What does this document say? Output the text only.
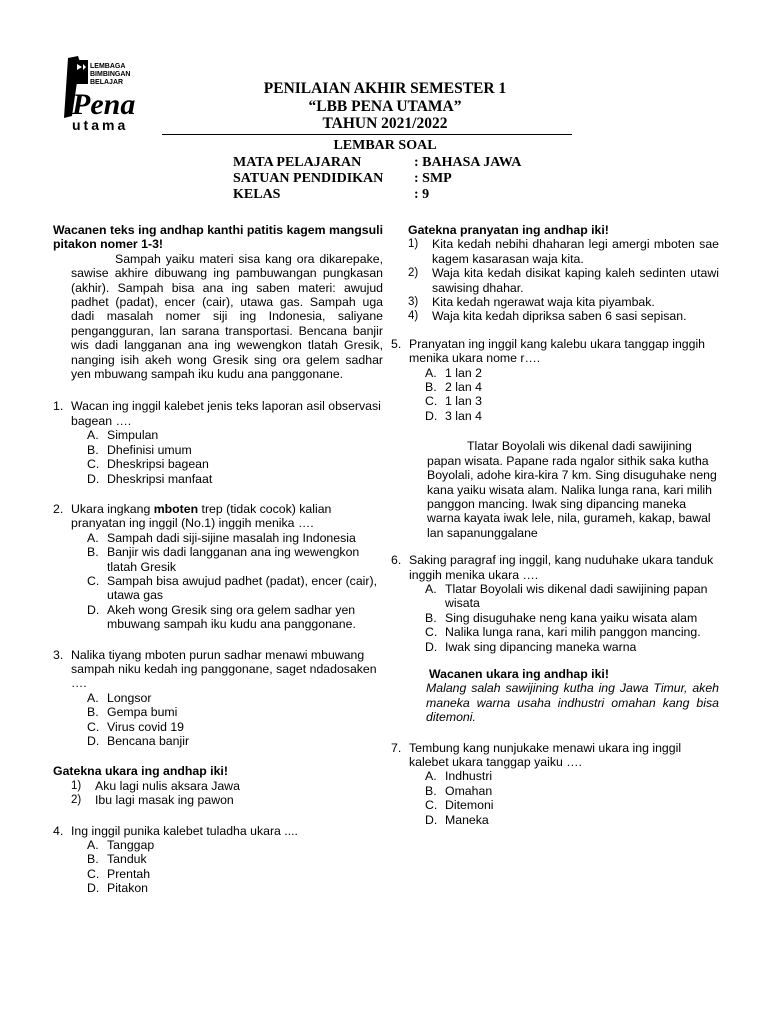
LEMBAGA
BIMBINGAN
BELAJAR
Pena
utama
PENILAIAN AKHIR SEMESTER 1
“LBB PENA UTAMA”
TAHUN 2021/2022
LEMBAR SOAL
MATA PELAJARAN	: BAHASA JAWA
SATUAN PENDIDIKAN : SMP
KELAS	: 9

Wacanen teks ing andhap kanthi patitis kagem mangsuli pitakon nomer 1-3!

Sampah yaiku materi sisa kang ora dikarepake, sawise akhire dibuwang ing pambuwangan pungkasan (akhir). Sampah bisa ana ing saben materi: awujud padhet (padat), encer (cair), utawa gas. Sampah uga dadi masalah nomer siji ing Indonesia, saliyane pengangguran, lan sarana transportasi. Bencana banjir wis dadi langganan ana ing wewengkon tlatah Gresik, nanging isih akeh wong Gresik sing ora gelem sadhar yen mbuwang sampah iku kudu ana panggonane.

1. Wacan ing inggil kalebet jenis teks laporan asil observasi bagean ….
A. Simpulan
B. Dhefinisi umum
C. Dheskripsi bagean
D. Dheskripsi manfaat
2. Ukara ingkang mboten trep (tidak cocok) kalian pranyatan ing inggil (No.1) inggih menika ….
A. Sampah dadi siji-sijine masalah ing Indonesia
B. Banjir wis dadi langganan ana ing wewengkon tlatah Gresik
C. Sampah bisa awujud padhet (padat), encer (cair), utawa gas
D. Akeh wong Gresik sing ora gelem sadhar yen mbuwang sampah iku kudu ana panggonane.
3. Nalika tiyang mboten purun sadhar menawi mbuwang sampah niku kedah ing panggonane, saget ndadosaken ….
A. Longsor
B. Gempa bumi
C. Virus covid 19
D. Bencana banjir

Gatekna ukara ing andhap iki!

1)	Aku lagi nulis aksara Jawa
2)	Ibu lagi masak ing pawon
4. Ing inggil punika kalebet tuladha ukara ....
A. Tanggap
B. Tanduk
C. Prentah
D. Pitakon

Gatekna pranyatan ing andhap iki!

1)	Kita kedah nebihi dhaharan legi amergi mboten sae kagem kasarasan waja kita.
2)	Waja kita kedah disikat kaping kaleh sedinten utawi sawising dhahar.
3)	Kita kedah ngerawat waja kita piyambak.
4)	Waja kita kedah dipriksa saben 6 sasi sepisan.
5. Pranyatan ing inggil kang kalebu ukara tanggap inggih menika ukara nome r….
A. 1 lan 2
B. 2 lan 4
C. 1 lan 3
D. 3 lan 4

Tlatar Boyolali wis dikenal dadi sawijining papan wisata. Papane rada ngalor sithik saka kutha Boyolali, adohe kira-kira 7 km. Sing disuguhake neng kana yaiku wisata alam. Nalika lunga rana, kari milih panggon mancing. Iwak sing dipancing maneka warna kayata iwak lele, nila, gurameh, kakap, bawal lan sapanunggalane

6. Saking paragraf ing inggil, kang nuduhake ukara tanduk inggih menika ukara ….
A. Tlatar Boyolali wis dikenal dadi sawijining papan wisata
B. Sing disuguhake neng kana yaiku wisata alam
C. Nalika lunga rana, kari milih panggon mancing.
D. Iwak sing dipancing maneka warna

Wacanen ukara ing andhap iki!

Malang salah sawijining kutha ing Jawa Timur, akeh maneka warna usaha indhustri omahan kang bisa ditemoni.

7. Tembung kang nunjukake menawi ukara ing inggil kalebet ukara tanggap yaiku ….
A. Indhustri
B. Omahan
C. Ditemoni
D. Maneka
